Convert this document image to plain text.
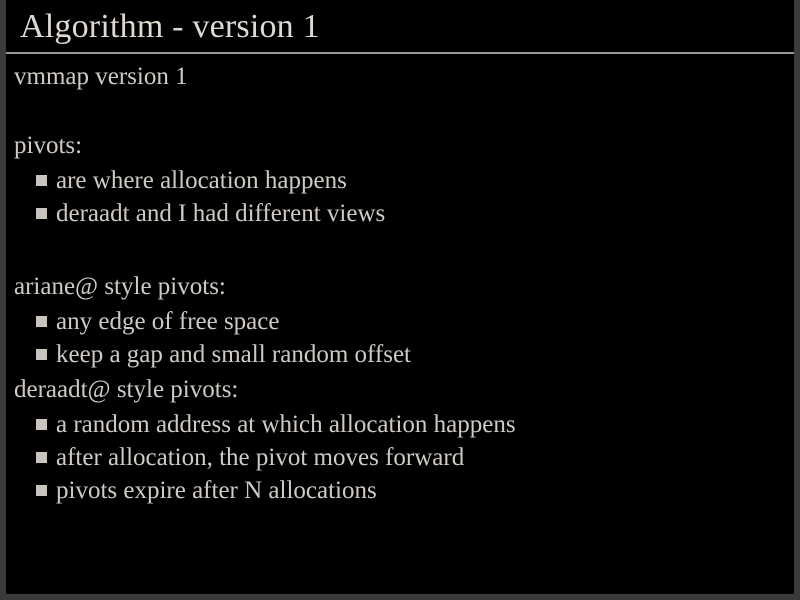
Algorithm - version 1
vmmap version 1
pivots:
are where allocation happens
deraadt and I had different views
ariane@ style pivots:
any edge of free space
keep a gap and small random offset
deraadt@ style pivots:
a random address at which allocation happens
after allocation, the pivot moves forward
pivots expire after N allocations
